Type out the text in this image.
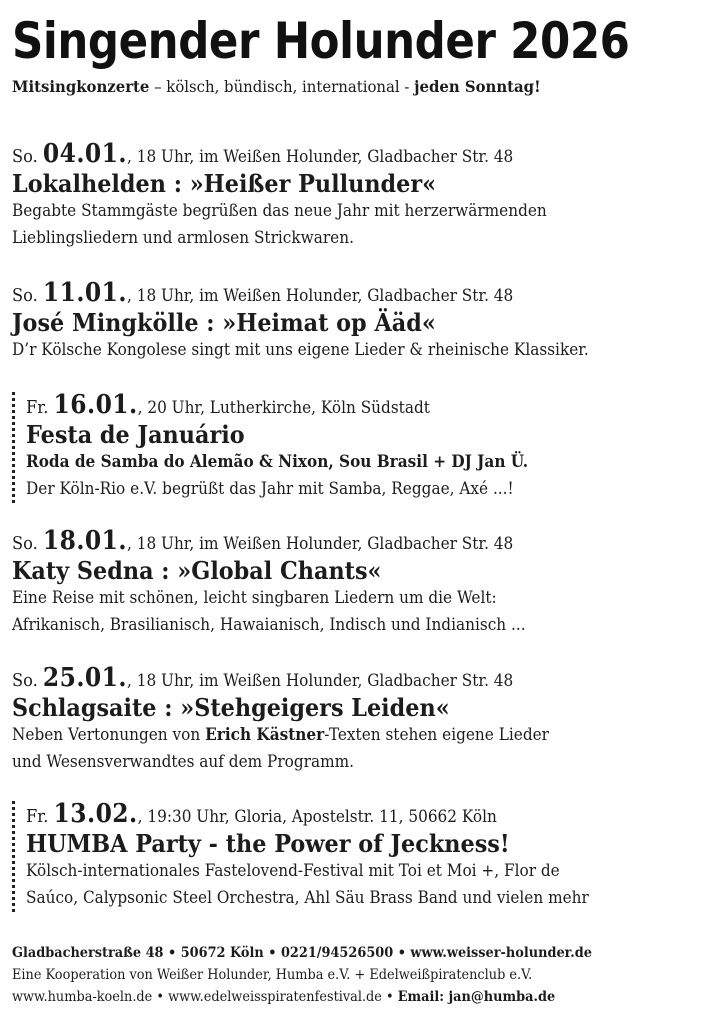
Singender Holunder 2026
Mitsingkonzerte – kölsch, bündisch, international - jeden Sonntag!
So. 04.01., 18 Uhr, im Weißen Holunder, Gladbacher Str. 48
Lokalhelden : »Heißer Pullunder«
Begabte Stammgäste begrüßen das neue Jahr mit herzerwärmenden
Lieblingsliedern und armlosen Strickwaren.
So. 11.01., 18 Uhr, im Weißen Holunder, Gladbacher Str. 48
José Mingkölle : »Heimat op Ääd«
D’r Kölsche Kongolese singt mit uns eigene Lieder & rheinische Klassiker.
Fr. 16.01., 20 Uhr, Lutherkirche, Köln Südstadt
Festa de Januário
Roda de Samba do Alemão & Nixon, Sou Brasil + DJ Jan Ü.
Der Köln-Rio e.V. begrüßt das Jahr mit Samba, Reggae, Axé ...!
So. 18.01., 18 Uhr, im Weißen Holunder, Gladbacher Str. 48
Katy Sedna : »Global Chants«
Eine Reise mit schönen, leicht singbaren Liedern um die Welt:
Afrikanisch, Brasilianisch, Hawaianisch, Indisch und Indianisch ...
So. 25.01., 18 Uhr, im Weißen Holunder, Gladbacher Str. 48
Schlagsaite : »Stehgeigers Leiden«
Neben Vertonungen von Erich Kästner-Texten stehen eigene Lieder
und Wesensverwandtes auf dem Programm.
Fr. 13.02., 19:30 Uhr, Gloria, Apostelstr. 11, 50662 Köln
HUMBA Party - the Power of Jeckness!
Kölsch-internationales Fastelovend-Festival mit Toi et Moi +, Flor de
Saúco, Calypsonic Steel Orchestra, Ahl Säu Brass Band und vielen mehr
Gladbacherstraße 48 • 50672 Köln • 0221/94526500 • www.weisser-holunder.de
Eine Kooperation von Weißer Holunder, Humba e.V. + Edelweißpiratenclub e.V.
www.humba-koeln.de • www.edelweisspiratenfestival.de • Email: jan@humba.de
